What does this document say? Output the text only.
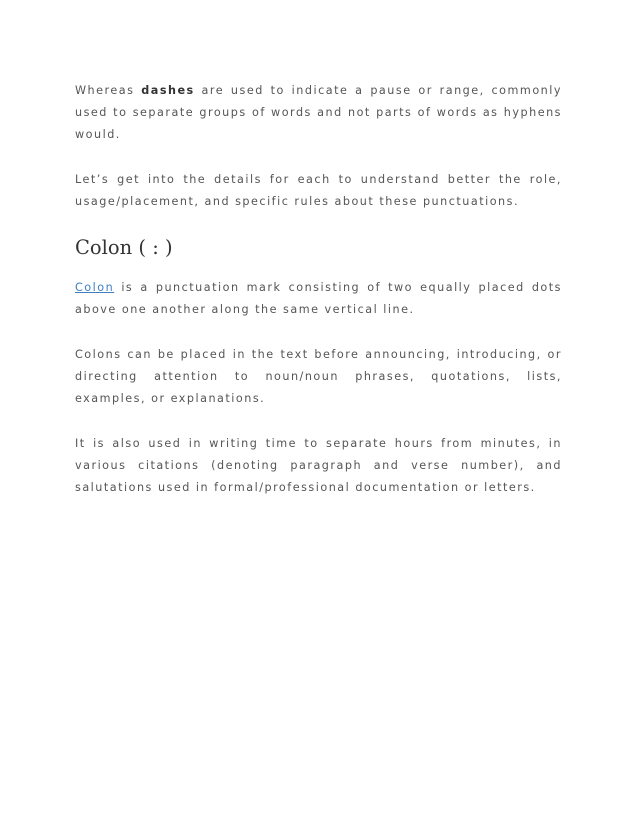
Whereas dashes are used to indicate a pause or range, commonly used to separate groups of words and not parts of words as hyphens would.

Let’s get into the details for each to understand better the role, usage/placement, and specific rules about these punctuations.

Colon ( : )

Colon is a punctuation mark consisting of two equally placed dots above one another along the same vertical line.

Colons can be placed in the text before announcing, introducing, or directing attention to noun/noun phrases, quotations, lists, examples, or explanations.

It is also used in writing time to separate hours from minutes, in various citations (denoting paragraph and verse number), and salutations used in formal/professional documentation or letters.
